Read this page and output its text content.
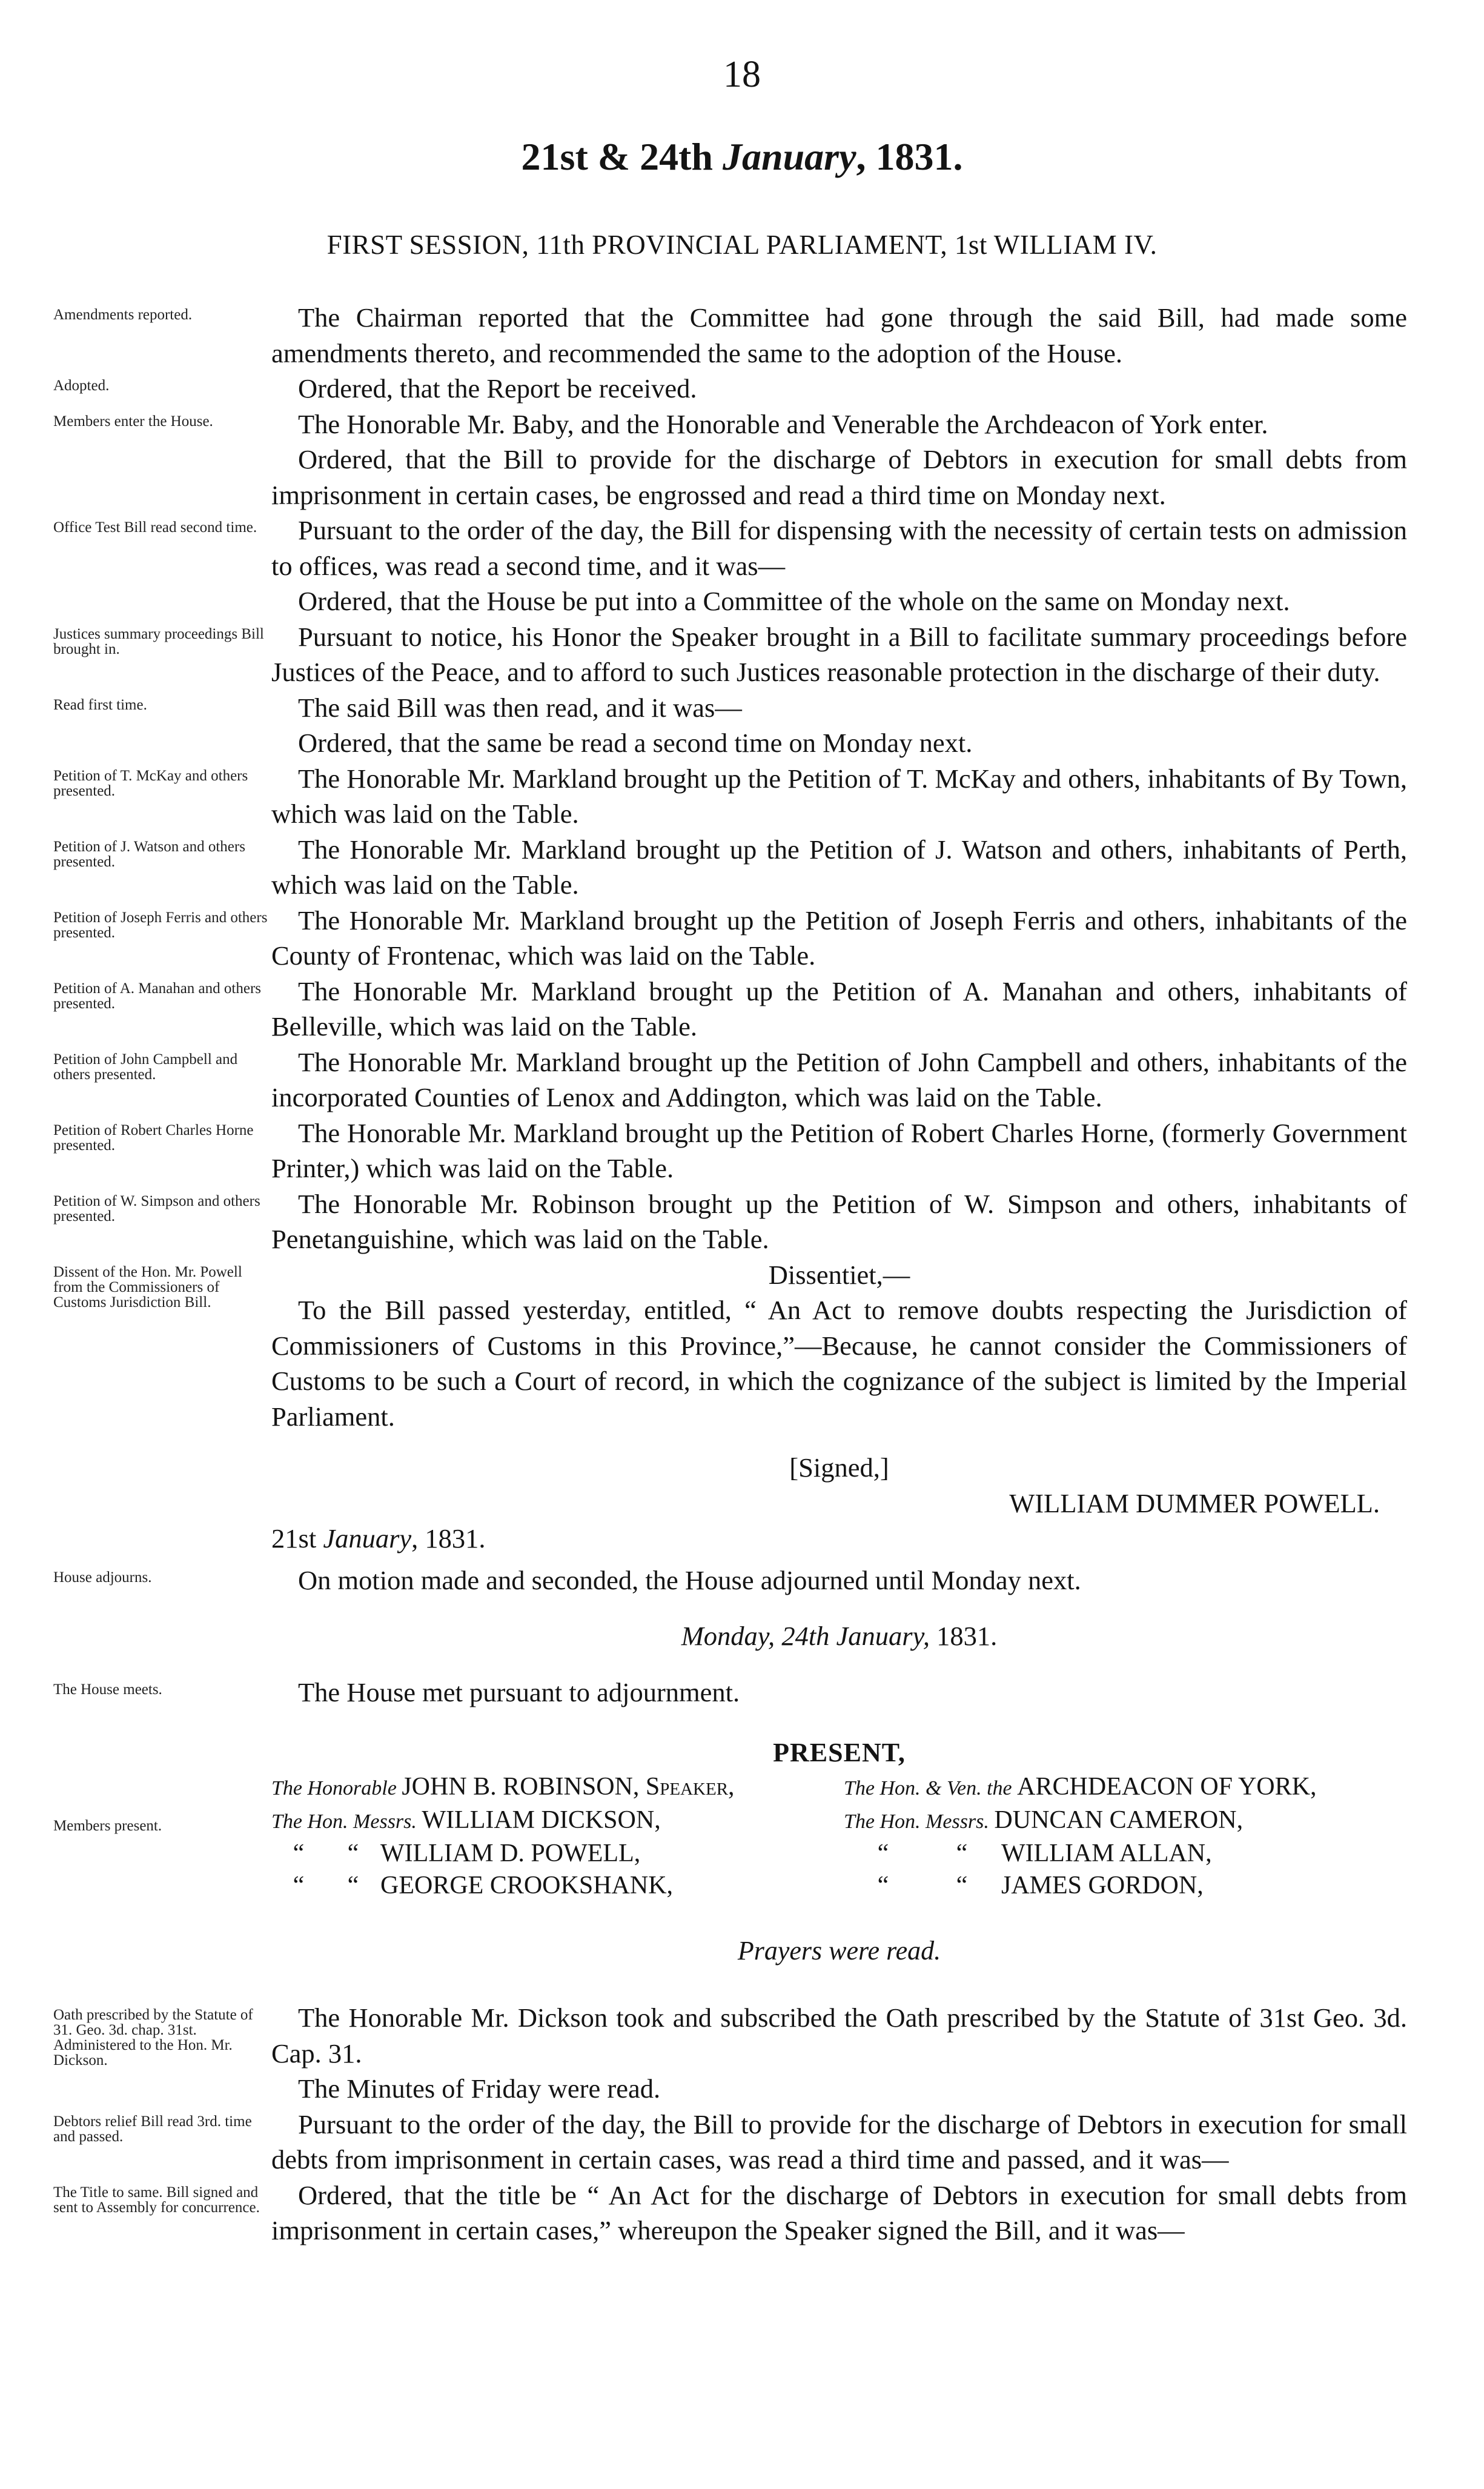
18
21st & 24th January, 1831.
FIRST SESSION, 11th PROVINCIAL PARLIAMENT, 1st WILLIAM IV.
Amendments reported.	The Chairman reported that the Committee had gone through the said Bill, had made some amendments thereto, and recommended the same to the adoption of the House.

Adopted.	Ordered, that the Report be received.

Members enter the House.	The Honorable Mr. Baby, and the Honorable and Venerable the Archdeacon of York enter.

Ordered, that the Bill to provide for the discharge of Debtors in execution for small debts from imprisonment in certain cases, be engrossed and read a third time on Monday next.

Office Test Bill read second time.	Pursuant to the order of the day, the Bill for dispensing with the necessity of certain tests on admission to offices, was read a second time, and it was—

Ordered, that the House be put into a Committee of the whole on the same on Monday next.

Justices summary proceedings Bill brought in.	Pursuant to notice, his Honor the Speaker brought in a Bill to facilitate summary proceedings before Justices of the Peace, and to afford to such Justices reasonable protection in the discharge of their duty.

Read first time.	The said Bill was then read, and it was—

Ordered, that the same be read a second time on Monday next.

Petition of T. McKay and others presented.	The Honorable Mr. Markland brought up the Petition of T. McKay and others, inhabitants of By Town, which was laid on the Table.

Petition of J. Watson and others presented.	The Honorable Mr. Markland brought up the Petition of J. Watson and others, inhabitants of Perth, which was laid on the Table.

Petition of Joseph Ferris and others presented.	The Honorable Mr. Markland brought up the Petition of Joseph Ferris and others, inhabitants of the County of Frontenac, which was laid on the Table.

Petition of A. Manahan and others presented.	The Honorable Mr. Markland brought up the Petition of A. Manahan and others, inhabitants of Belleville, which was laid on the Table.

Petition of John Campbell and others presented.	The Honorable Mr. Markland brought up the Petition of John Campbell and others, inhabitants of the incorporated Counties of Lenox and Addington, which was laid on the Table.

Petition of Robert Charles Horne presented.	The Honorable Mr. Markland brought up the Petition of Robert Charles Horne, (formerly Government Printer,) which was laid on the Table.

Petition of W. Simpson and others presented.	The Honorable Mr. Robinson brought up the Petition of W. Simpson and others, inhabitants of Penetanguishine, which was laid on the Table.

Dissent of the Hon. Mr. Powell from the Commissioners of Customs Jurisdiction Bill.

Dissentiet,—

To the Bill passed yesterday, entitled, “ An Act to remove doubts respecting the Jurisdiction of Commissioners of Customs in this Province,”—Because, he cannot consider the Commissioners of Customs to be such a Court of record, in which the cognizance of the subject is limited by the Imperial Parliament.

[Signed,]

WILLIAM DUMMER POWELL.

21st January, 1831.

House adjourns.	On motion made and seconded, the House adjourned until Monday next.

Monday, 24th January, 1831.

The House meets.	The House met pursuant to adjournment.

PRESENT,
Members present.
The Honorable JOHN B. ROBINSON, Speaker,	The Hon. & Ven. the ARCHDEACON OF YORK,
The Hon. Messrs. WILLIAM DICKSON,	The Hon. Messrs. DUNCAN CAMERON,
“ “ WILLIAM D. POWELL,	“	“ WILLIAM ALLAN,
“ “ GEORGE CROOKSHANK,	“	“ JAMES GORDON,
Prayers were read.
Oath prescribed by the Statute of 31. Geo. 3d. chap. 31st. Administered to the Hon. Mr. Dickson.

The Honorable Mr. Dickson took and subscribed the Oath prescribed by the Statute of 31st Geo. 3d. Cap. 31.

The Minutes of Friday were read.

Debtors relief Bill read 3rd. time and passed.	Pursuant to the order of the day, the Bill to provide for the discharge of Debtors in execution for small debts from imprisonment in certain cases, was read a third time and passed, and it was—

The Title to same. Bill signed and sent to Assembly for concurrence.	Ordered, that the title be “ An Act for the discharge of Debtors in execution for small debts from imprisonment in certain cases,” whereupon the Speaker signed the Bill, and it was—
